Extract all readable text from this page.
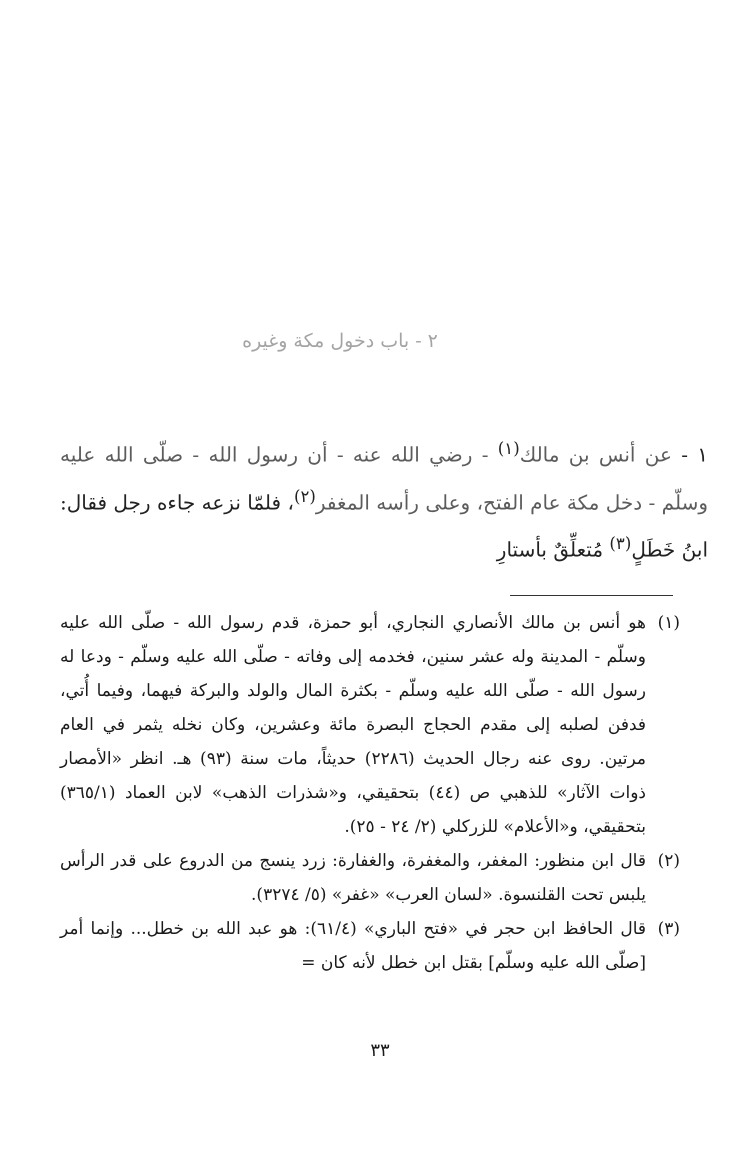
٢ - باب دخول مكة وغيره
١ - عن أنس بن مالك$^{(١)}$ - رضي الله عنه - أن رسول الله - صلّى الله عليه وسلّم - دخل مكة عام الفتح، وعلى رأسه المغفر$^{(٢)}$، فلمّا نزعه جاءه رجل فقال: ابنُ خَطَلٍ$^{(٣)}$ مُتعلِّقٌ بأستارِ
(١)
هو أنس بن مالك الأنصاري النجاري، أبو حمزة، قدم رسول الله - صلّى الله عليه وسلّم - المدينة وله عشر سنين، فخدمه إلى وفاته - صلّى الله عليه وسلّم - ودعا له رسول الله - صلّى الله عليه وسلّم - بكثرة المال والولد والبركة فيهما، وفيما أُتي، فدفن لصلبه إلى مقدم الحجاج البصرة مائة وعشرين، وكان نخله يثمر في العام مرتين. روى عنه رجال الحديث (٢٢٨٦) حديثاً، مات سنة (٩٣) هـ. انظر «الأمصار ذوات الآثار» للذهبي ص (٤٤) بتحقيقي، و«شذرات الذهب» لابن العماد (٣٦٥/١) بتحقيقي، و«الأعلام» للزركلي (٢/ ٢٤ - ٢٥).
(٢)
قال ابن منظور: المغفر، والمغفرة، والغفارة: زرد ينسج من الدروع على قدر الرأس يلبس تحت القلنسوة. «لسان العرب» «غفر» (٥/ ٣٢٧٤).
(٣)
قال الحافظ ابن حجر في «فتح الباري» (٦١/٤): هو عبد الله بن خطل... وإنما أمر [صلّى الله عليه وسلّم] بقتل ابن خطل لأنه كان =
٣٣
